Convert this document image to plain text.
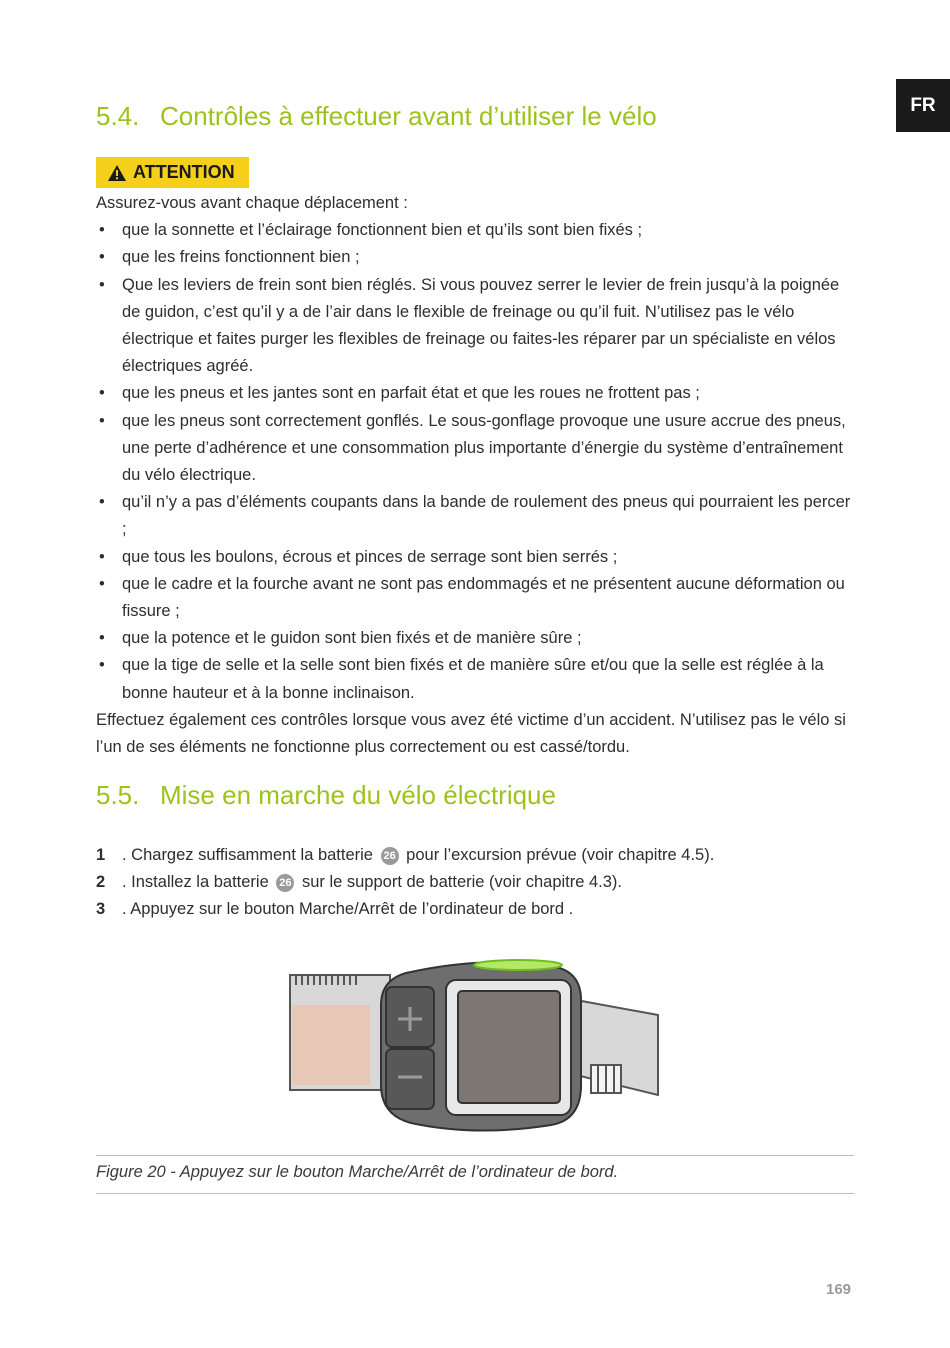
FR
5.4. Contrôles à effectuer avant d’utiliser le vélo
ATTENTION

Assurez-vous avant chaque déplacement :

• que la sonnette et l’éclairage fonctionnent bien et qu’ils sont bien fixés ;
• que les freins fonctionnent bien ;
• Que les leviers de frein sont bien réglés. Si vous pouvez serrer le levier de frein jusqu’à la poignée de guidon, c’est qu’il y a de l’air dans le flexible de freinage ou qu’il fuit. N’utilisez pas le vélo électrique et faites purger les flexibles de freinage ou faites-les réparer par un spécialiste en vélos électriques agréé.
• que les pneus et les jantes sont en parfait état et que les roues ne frottent pas ;
• que les pneus sont correctement gonflés. Le sous-gonflage provoque une usure accrue des pneus, une perte d’adhérence et une consommation plus importante d’énergie du système d’entraînement du vélo électrique.
• qu’il n’y a pas d’éléments coupants dans la bande de roulement des pneus qui pourraient les percer ;
• que tous les boulons, écrous et pinces de serrage sont bien serrés ;
• que le cadre et la fourche avant ne sont pas endommagés et ne présentent aucune déformation ou fissure ;
• que la potence et le guidon sont bien fixés et de manière sûre ;
• que la tige de selle et la selle sont bien fixés et de manière sûre et/ou que la selle est réglée à la bonne hauteur et à la bonne inclinaison.

Effectuez également ces contrôles lorsque vous avez été victime d’un accident. N’utilisez pas le vélo si l’un de ses éléments ne fonctionne plus correctement ou est cassé/tordu.

5.5. Mise en marche du vélo électrique
1 . Chargez suffisamment la batterie 26 pour l’excursion prévue (voir chapitre 4.5).
2 . Installez la batterie 26 sur le support de batterie (voir chapitre 4.3).
3 . Appuyez sur le bouton Marche/Arrêt de l’ordinateur de bord .
Figure 20 - Appuyez sur le bouton Marche/Arrêt de l’ordinateur de bord.
169
